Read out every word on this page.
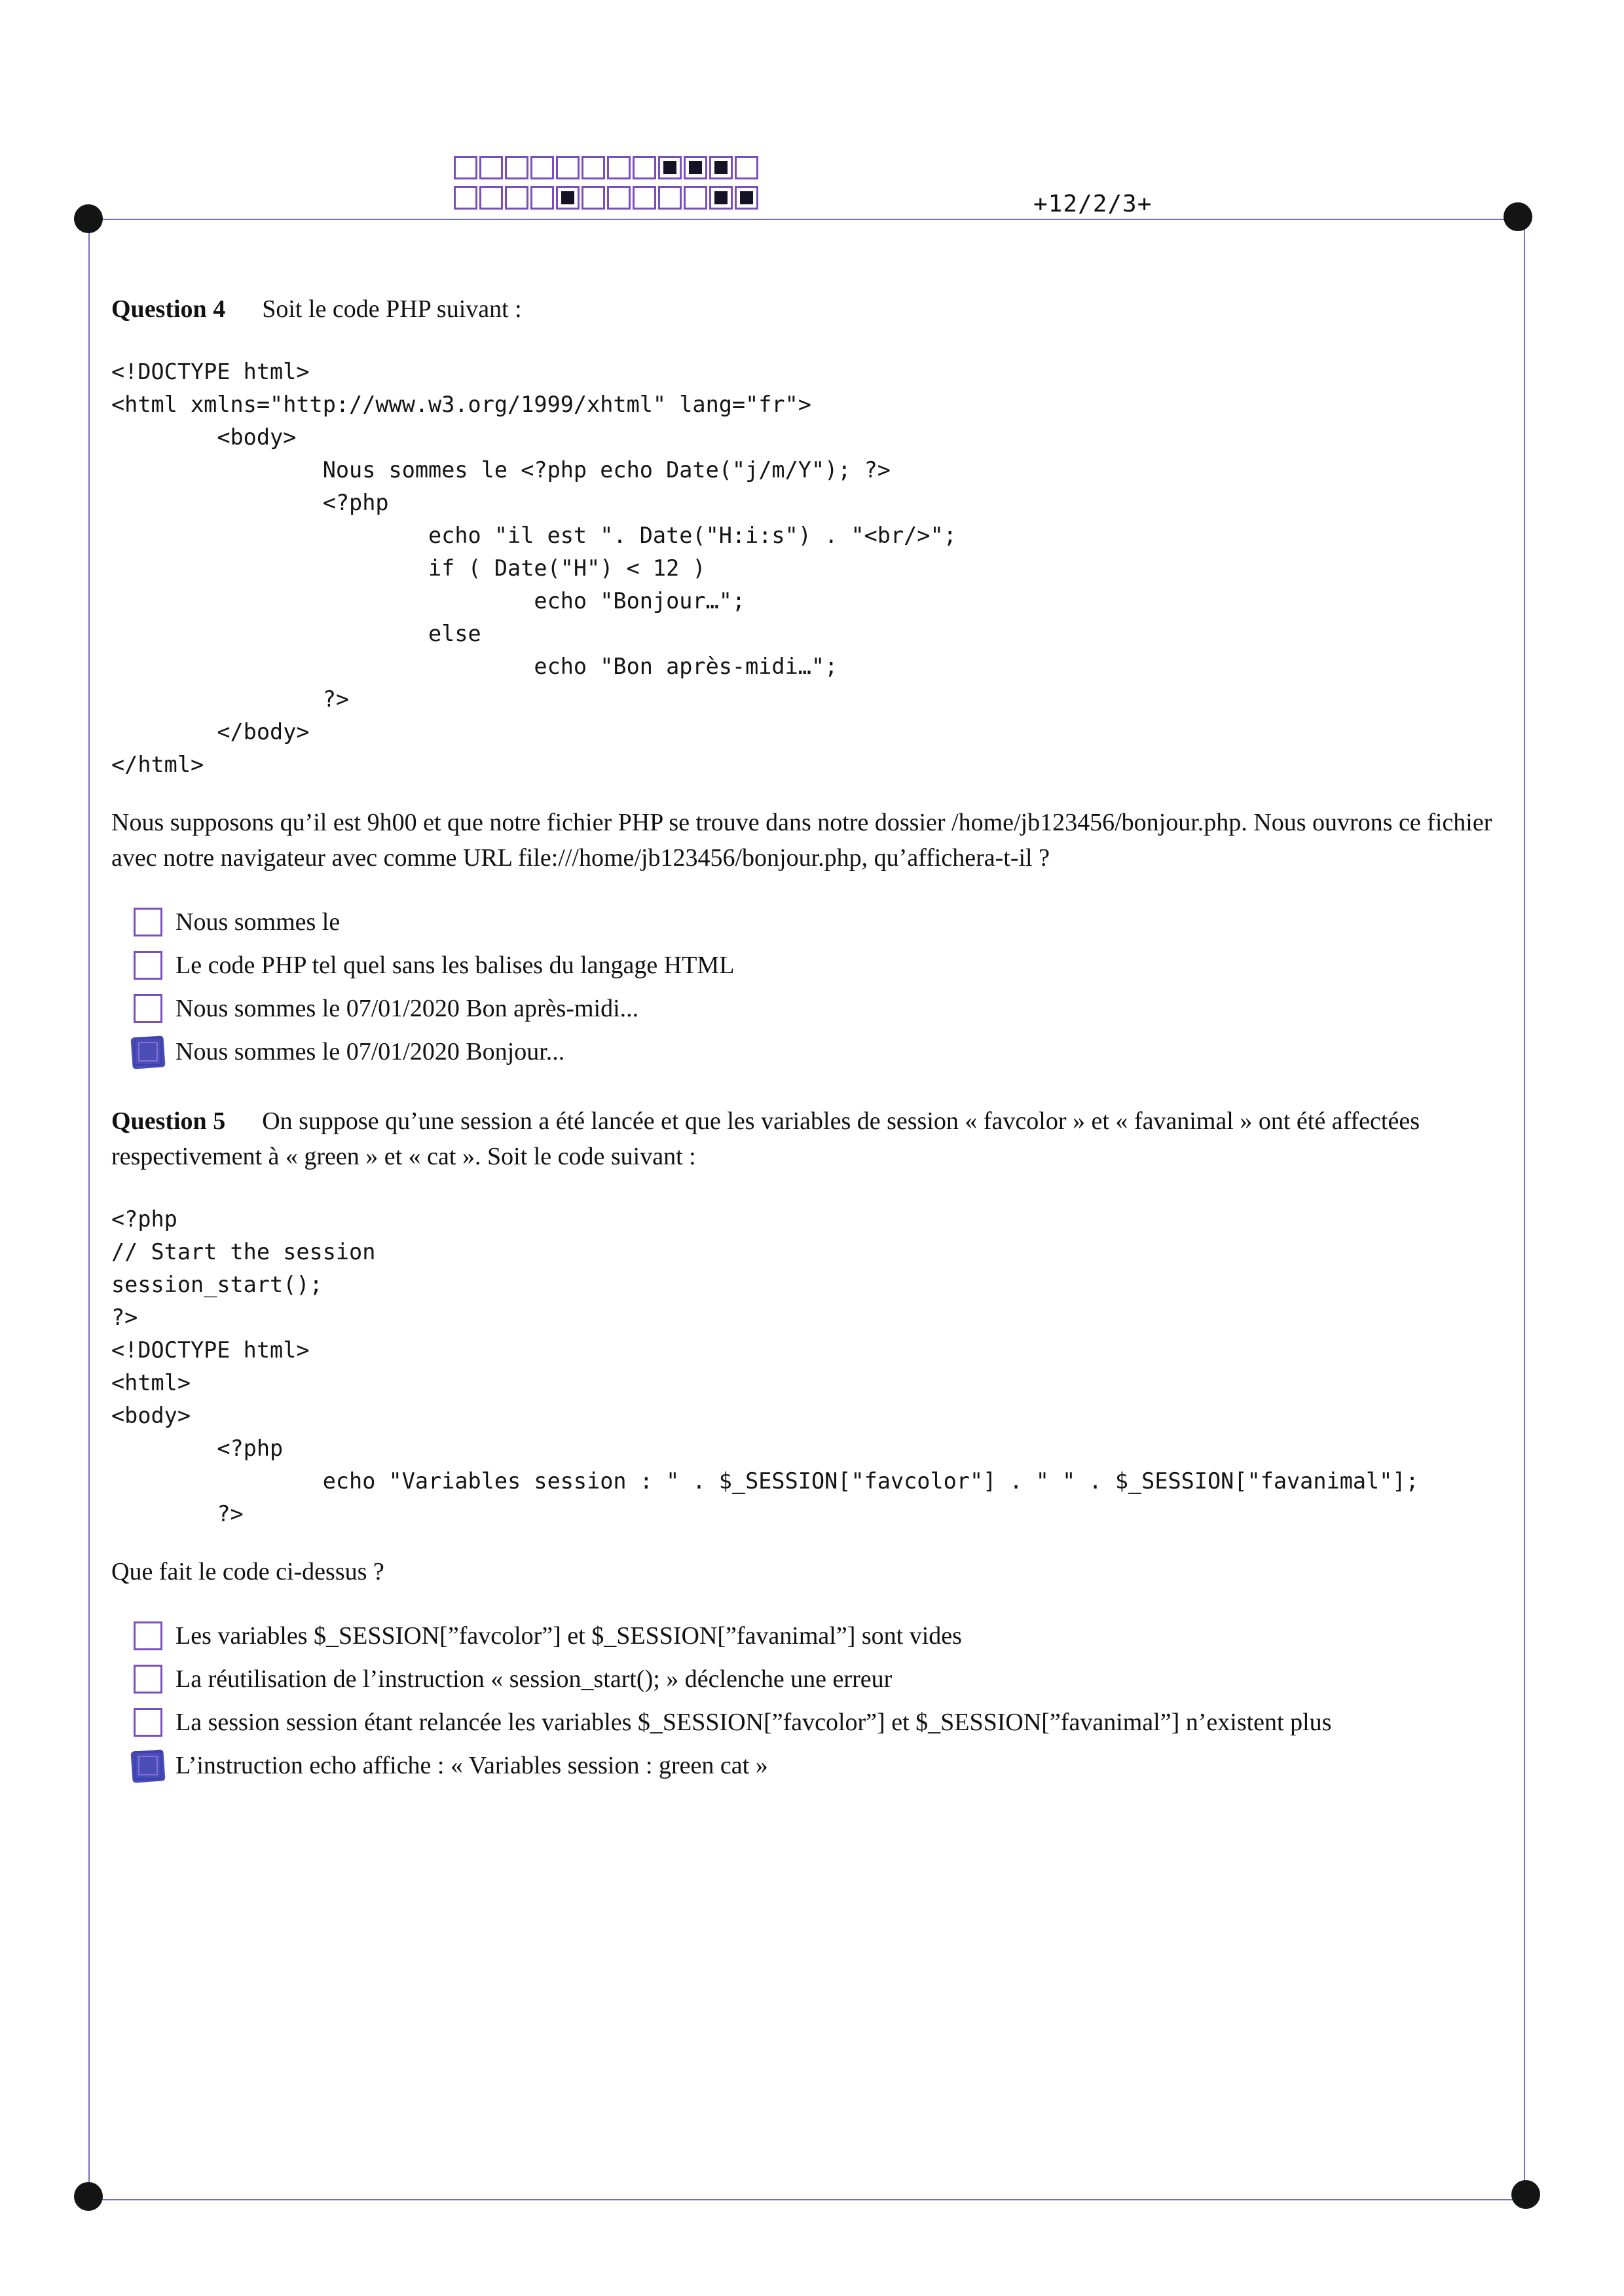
+12/2/3+
Question 4 Soit le code PHP suivant :
<!DOCTYPE html>
<html xmlns="http://www.w3.org/1999/xhtml" lang="fr">
<body>
Nous sommes le <?php echo Date("j/m/Y"); ?>
<?php
echo "il est ". Date("H:i:s") . "<br/>";
if ( Date("H") < 12 )
echo "Bonjour…";
else
echo "Bon après-midi…";
?>
</body>
</html>
Nous supposons qu’il est 9h00 et que notre fichier PHP se trouve dans notre dossier /home/jb123456/bonjour.php. Nous ouvrons ce fichier avec notre navigateur avec comme URL file:///home/jb123456/bonjour.php, qu’affichera-t-il ?
Nous sommes le
Le code PHP tel quel sans les balises du langage HTML
Nous sommes le 07/01/2020 Bon après-midi...
Nous sommes le 07/01/2020 Bonjour...
Question 5 On suppose qu’une session a été lancée et que les variables de session « favcolor » et « favanimal » ont été affectées respectivement à « green » et « cat ». Soit le code suivant :
<?php
// Start the session
session_start();
?>
<!DOCTYPE html>
<html>
<body>
<?php
echo "Variables session : " . $_SESSION["favcolor"] . " " . $_SESSION["favanimal"];
?>
Que fait le code ci-dessus ?
Les variables $_SESSION[”favcolor”] et $_SESSION[”favanimal”] sont vides
La réutilisation de l’instruction « session_start(); » déclenche une erreur
La session session étant relancée les variables $_SESSION[”favcolor”] et $_SESSION[”favanimal”] n’existent plus
L’instruction echo affiche : « Variables session : green cat »
